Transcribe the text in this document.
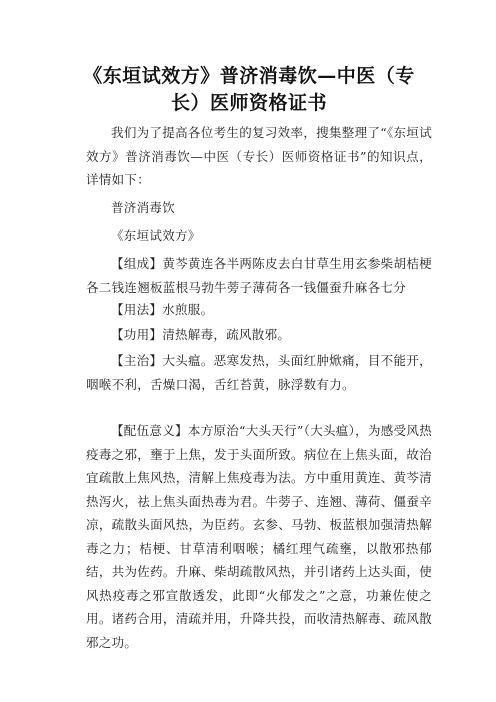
《东垣试效方》普济消毒饮—中医（专
长）医师资格证书

我们为了提高各位考生的复习效率，搜集整理了“《东垣试效方》普济消毒饮—中医（专长）医师资格证书”的知识点，详情如下：

普济消毒饮

《东垣试效方》

【组成】黄芩黄连各半两陈皮去白甘草生用玄参柴胡桔梗各二钱连翘板蓝根马勃牛蒡子薄荷各一钱僵蚕升麻各七分

【用法】水煎服。

【功用】清热解毒，疏风散邪。

【主治】大头瘟。恶寒发热，头面红肿焮痛，目不能开，咽喉不利，舌燥口渴，舌红苔黄，脉浮数有力。

【配伍意义】本方原治“大头天行”（大头瘟），为感受风热疫毒之邪，壅于上焦，发于头面所致。病位在上焦头面，故治宜疏散上焦风热，清解上焦疫毒为法。方中重用黄连、黄芩清热泻火，祛上焦头面热毒为君。牛蒡子、连翘、薄荷、僵蚕辛凉，疏散头面风热，为臣药。玄参、马勃、板蓝根加强清热解毒之力；桔梗、甘草清利咽喉；橘红理气疏壅，以散邪热郁结，共为佐药。升麻、柴胡疏散风热，并引诸药上达头面，使风热疫毒之邪宣散透发，此即“火郁发之”之意，功兼佐使之用。诸药合用，清疏并用，升降共投，而收清热解毒、疏风散邪之功。
